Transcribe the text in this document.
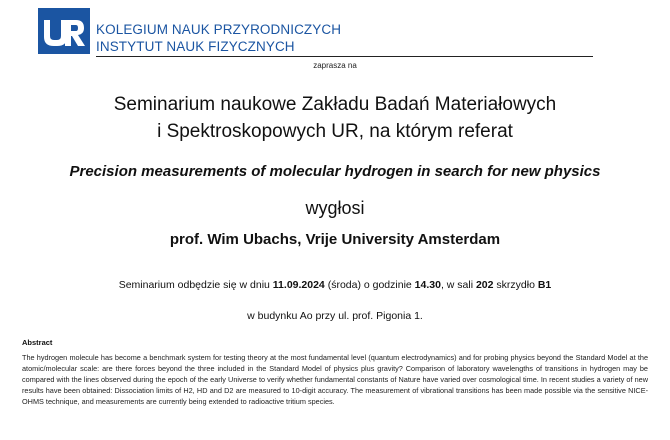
KOLEGIUM NAUK PRZYRODNICZYCH
INSTYTUT NAUK FIZYCZNYCH
zaprasza na
Seminarium naukowe Zakładu Badań Materiałowych
i Spektroskopowych UR, na którym referat
Precision measurements of molecular hydrogen in search for new physics
wygłosi
prof. Wim Ubachs, Vrije University Amsterdam
Seminarium odbędzie się w dniu 11.09.2024 (środa) o godzinie 14.30, w sali 202 skrzydło B1
w budynku Ao przy ul. prof. Pigonia 1.
Abstract
The hydrogen molecule has become a benchmark system for testing theory at the most fundamental level (quantum electrodynamics) and for probing physics beyond the Standard Model at the atomic/molecular scale: are there forces beyond the three included in the Standard Model of physics plus gravity? Comparison of laboratory wavelengths of transitions in hydrogen may be compared with the lines observed during the epoch of the early Universe to verify whether fundamental constants of Nature have varied over cosmological time. In recent studies a variety of new results have been obtained: Dissociation limits of H2, HD and D2 are measured to 10-digit accuracy. The measurement of vibrational transitions has been made possible via the sensitive NICE-OHMS technique, and measurements are currently being extended to radioactive tritium species.
